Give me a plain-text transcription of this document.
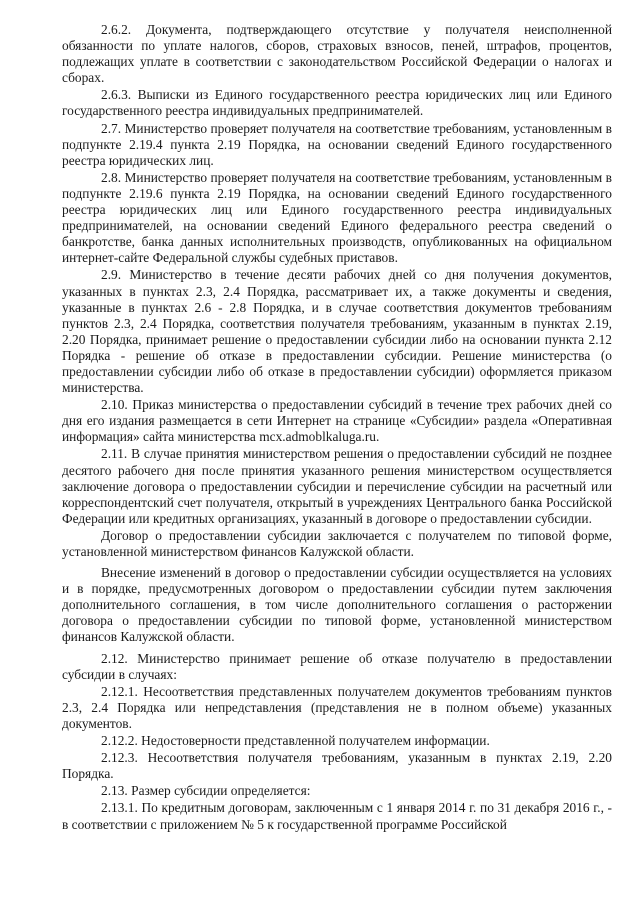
2.6.2. Документа, подтверждающего отсутствие у получателя неисполненной обязанности по уплате налогов, сборов, страховых взносов, пеней, штрафов, процентов, подлежащих уплате в соответствии с законодательством Российской Федерации о налогах и сборах.

2.6.3. Выписки из Единого государственного реестра юридических лиц или Единого государственного реестра индивидуальных предпринимателей.

2.7. Министерство проверяет получателя на соответствие требованиям, установленным в подпункте 2.19.4 пункта 2.19 Порядка, на основании сведений Единого государственного реестра юридических лиц.

2.8. Министерство проверяет получателя на соответствие требованиям, установленным в подпункте 2.19.6 пункта 2.19 Порядка, на основании сведений Единого государственного реестра юридических лиц или Единого государственного реестра индивидуальных предпринимателей, на основании сведений Единого федерального реестра сведений о банкротстве, банка данных исполнительных производств, опубликованных на официальном интернет-сайте Федеральной службы судебных приставов.

2.9. Министерство в течение десяти рабочих дней со дня получения документов, указанных в пунктах 2.3, 2.4 Порядка, рассматривает их, а также документы и сведения, указанные в пунктах 2.6 - 2.8 Порядка, и в случае соответствия документов требованиям пунктов 2.3, 2.4 Порядка, соответствия получателя требованиям, указанным в пунктах 2.19, 2.20 Порядка, принимает решение о предоставлении субсидии либо на основании пункта 2.12 Порядка - решение об отказе в предоставлении субсидии. Решение министерства (о предоставлении субсидии либо об отказе в предоставлении субсидии) оформляется приказом министерства.

2.10. Приказ министерства о предоставлении субсидий в течение трех рабочих дней со дня его издания размещается в сети Интернет на странице «Субсидии» раздела «Оперативная информация» сайта министерства mcx.admoblkaluga.ru.

2.11. В случае принятия министерством решения о предоставлении субсидий не позднее десятого рабочего дня после принятия указанного решения министерством осуществляется заключение договора о предоставлении субсидии и перечисление субсидии на расчетный или корреспондентский счет получателя, открытый в учреждениях Центрального банка Российской Федерации или кредитных организациях, указанный в договоре о предоставлении субсидии.

Договор о предоставлении субсидии заключается с получателем по типовой форме, установленной министерством финансов Калужской области.

Внесение изменений в договор о предоставлении субсидии осуществляется на условиях и в порядке, предусмотренных договором о предоставлении субсидии путем заключения дополнительного соглашения, в том числе дополнительного соглашения о расторжении договора о предоставлении субсидии по типовой форме, установленной министерством финансов Калужской области.

2.12. Министерство принимает решение об отказе получателю в предоставлении субсидии в случаях:

2.12.1. Несоответствия представленных получателем документов требованиям пунктов 2.3, 2.4 Порядка или непредставления (представления не в полном объеме) указанных документов.

2.12.2. Недостоверности представленной получателем информации.

2.12.3. Несоответствия получателя требованиям, указанным в пунктах 2.19, 2.20 Порядка.

2.13. Размер субсидии определяется:

2.13.1. По кредитным договорам, заключенным с 1 января 2014 г. по 31 декабря 2016 г., - в соответствии с приложением № 5 к государственной программе Российской
